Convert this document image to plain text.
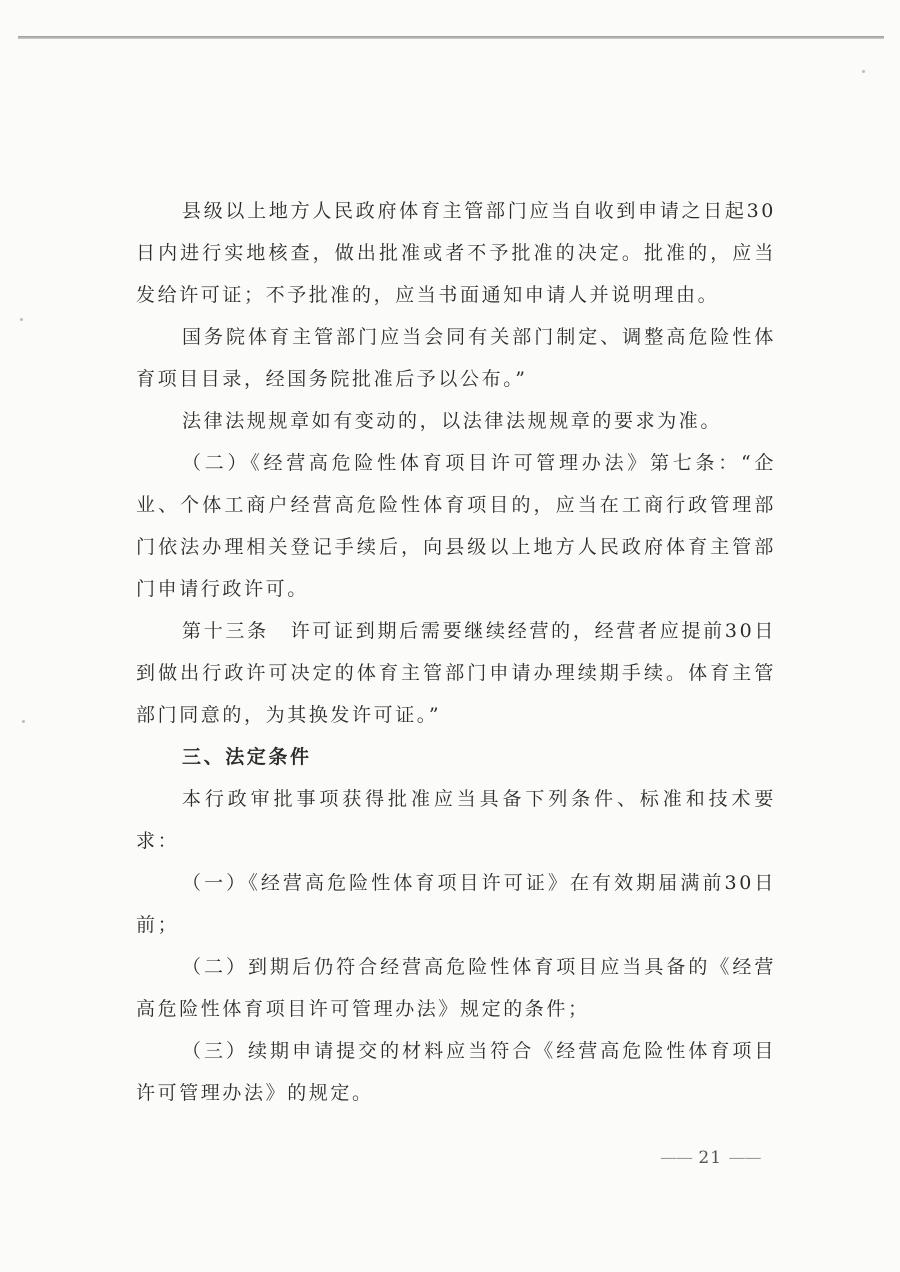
县级以上地方人民政府体育主管部门应当自收到申请之日起30日内进行实地核查，做出批准或者不予批准的决定。批准的，应当发给许可证；不予批准的，应当书面通知申请人并说明理由。

国务院体育主管部门应当会同有关部门制定、调整高危险性体育项目目录，经国务院批准后予以公布。”

法律法规规章如有变动的，以法律法规规章的要求为准。

（二）《经营高危险性体育项目许可管理办法》第七条：“企业、个体工商户经营高危险性体育项目的，应当在工商行政管理部门依法办理相关登记手续后，向县级以上地方人民政府体育主管部门申请行政许可。

第十三条　许可证到期后需要继续经营的，经营者应提前30日到做出行政许可决定的体育主管部门申请办理续期手续。体育主管部门同意的，为其换发许可证。”

三、法定条件

本行政审批事项获得批准应当具备下列条件、标准和技术要求：

（一）《经营高危险性体育项目许可证》在有效期届满前30日前；

（二）到期后仍符合经营高危险性体育项目应当具备的《经营高危险性体育项目许可管理办法》规定的条件；

（三）续期申请提交的材料应当符合《经营高危险性体育项目许可管理办法》的规定。

—— 21 ——
